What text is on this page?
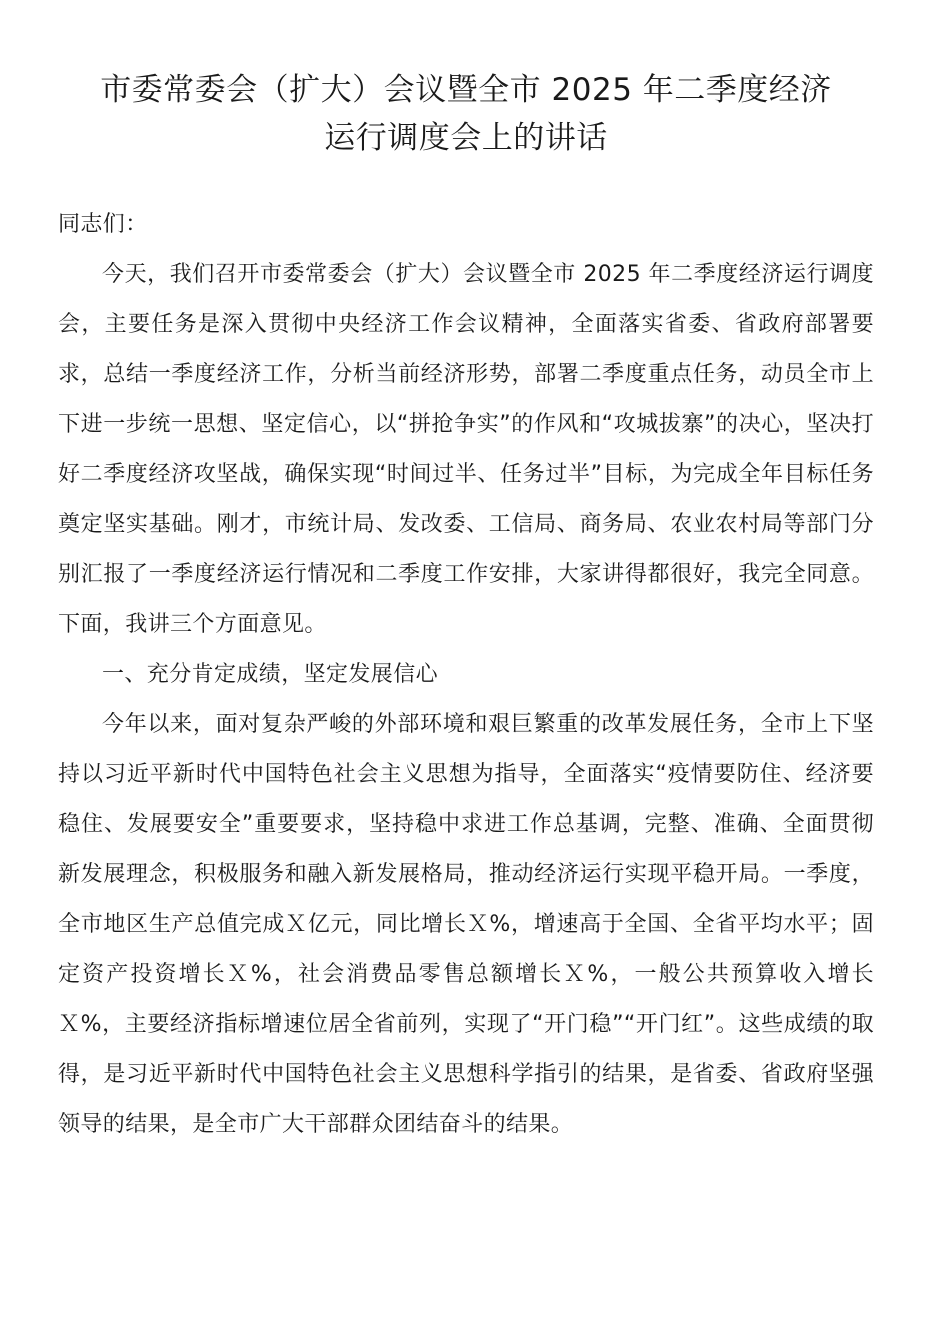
市委常委会（扩大）会议暨全市 2025 年二季度经济
运行调度会上的讲话

同志们：

今天，我们召开市委常委会（扩大）会议暨全市 2025 年二季度经济运行调度会，主要任务是深入贯彻中央经济工作会议精神，全面落实省委、省政府部署要求，总结一季度经济工作，分析当前经济形势，部署二季度重点任务，动员全市上下进一步统一思想、坚定信心，以“拼抢争实”的作风和“攻城拔寨”的决心，坚决打好二季度经济攻坚战，确保实现“时间过半、任务过半”目标，为完成全年目标任务奠定坚实基础。刚才，市统计局、发改委、工信局、商务局、农业农村局等部门分别汇报了一季度经济运行情况和二季度工作安排，大家讲得都很好，我完全同意。下面，我讲三个方面意见。

一、充分肯定成绩，坚定发展信心

今年以来，面对复杂严峻的外部环境和艰巨繁重的改革发展任务，全市上下坚持以习近平新时代中国特色社会主义思想为指导，全面落实“疫情要防住、经济要稳住、发展要安全”重要要求，坚持稳中求进工作总基调，完整、准确、全面贯彻新发展理念，积极服务和融入新发展格局，推动经济运行实现平稳开局。一季度，全市地区生产总值完成Ｘ亿元，同比增长Ｘ%，增速高于全国、全省平均水平；固定资产投资增长Ｘ%，社会消费品零售总额增长Ｘ%，一般公共预算收入增长Ｘ%，主要经济指标增速位居全省前列，实现了“开门稳”“开门红”。这些成绩的取得，是习近平新时代中国特色社会主义思想科学指引的结果，是省委、省政府坚强领导的结果，是全市广大干部群众团结奋斗的结果。
